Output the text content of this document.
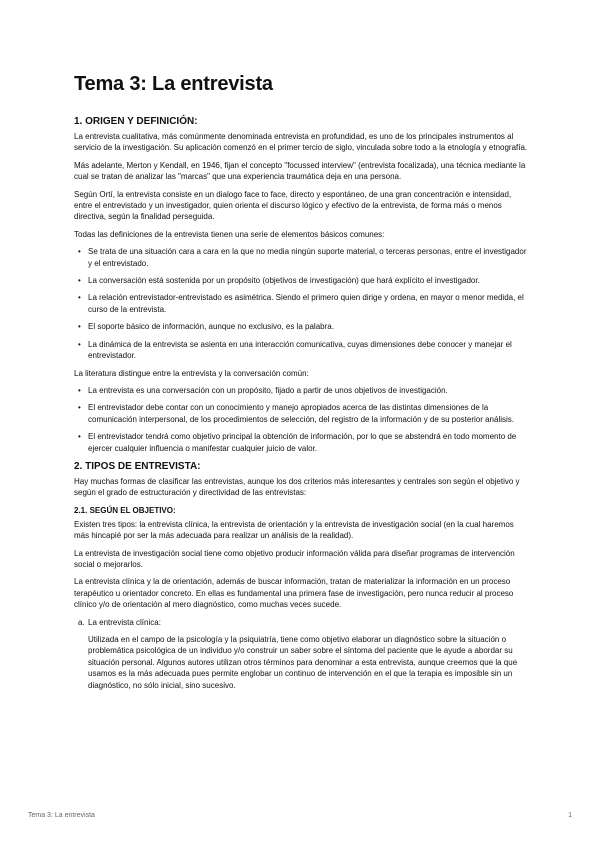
Tema 3: La entrevista
1. ORIGEN Y DEFINICIÓN:

La entrevista cualitativa, más comúnmente denominada entrevista en profundidad, es uno de los principales instrumentos al servicio de la investigación. Su aplicación comenzó en el primer tercio de siglo, vinculada sobre todo a la etnología y etnografía.

Más adelante, Merton y Kendall, en 1946, fijan el concepto "focussed interview" (entrevista focalizada), una técnica mediante la cual se tratan de analizar las "marcas" que una experiencia traumática deja en una persona.

Según Ortí, la entrevista consiste en un dialogo face to face, directo y espontáneo, de una gran concentración e intensidad, entre el entrevistado y un investigador, quien orienta el discurso lógico y efectivo de la entrevista, de forma más o menos directiva, según la finalidad perseguida.

Todas las definiciones de la entrevista tienen una serie de elementos básicos comunes:

• Se trata de una situación cara a cara en la que no media ningún suporte material, o terceras personas, entre el investigador y el entrevistado.
• La conversación está sostenida por un propósito (objetivos de investigación) que hará explícito el investigador.
• La relación entrevistador-entrevistado es asimétrica. Siendo el primero quien dirige y ordena, en mayor o menor medida, el curso de la entrevista.
• El soporte básico de información, aunque no exclusivo, es la palabra.
• La dinámica de la entrevista se asienta en una interacción comunicativa, cuyas dimensiones debe conocer y manejar el entrevistador.

La literatura distingue entre la entrevista y la conversación común:

• La entrevista es una conversación con un propósito, fijado a partir de unos objetivos de investigación.
• El entrevistador debe contar con un conocimiento y manejo apropiados acerca de las distintas dimensiones de la comunicación interpersonal, de los procedimientos de selección, del registro de la información y de su posterior análisis.
• El entrevistador tendrá como objetivo principal la obtención de información, por lo que se abstendrá en todo momento de ejercer cualquier influencia o manifestar cualquier juicio de valor.
2. TIPOS DE ENTREVISTA:

Hay muchas formas de clasificar las entrevistas, aunque los dos criterios más interesantes y centrales son según el objetivo y según el grado de estructuración y directividad de las entrevistas:

2.1. SEGÚN EL OBJETIVO:

Existen tres tipos: la entrevista clínica, la entrevista de orientación y la entrevista de investigación social (en la cual haremos más hincapié por ser la más adecuada para realizar un análisis de la realidad).

La entrevista de investigación social tiene como objetivo producir información válida para diseñar programas de intervención social o mejorarlos.

La entrevista clínica y la de orientación, además de buscar información, tratan de materializar la información en un proceso terapéutico u orientador concreto. En ellas es fundamental una primera fase de investigación, pero nunca reducir al proceso clínico y/o de orientación al mero diagnóstico, como muchas veces sucede.

a. La entrevista clínica:

Utilizada en el campo de la psicología y la psiquiatría, tiene como objetivo elaborar un diagnóstico sobre la situación o problemática psicológica de un individuo y/o construir un saber sobre el síntoma del paciente que le ayude a abordar su situación personal. Algunos autores utilizan otros términos para denominar a esta entrevista, aunque creemos que la que usamos es la más adecuada pues permite englobar un continuo de intervención en el que la terapia es imposible sin un diagnóstico, no sólo inicial, sino sucesivo.

Tema 3: La entrevista	1
